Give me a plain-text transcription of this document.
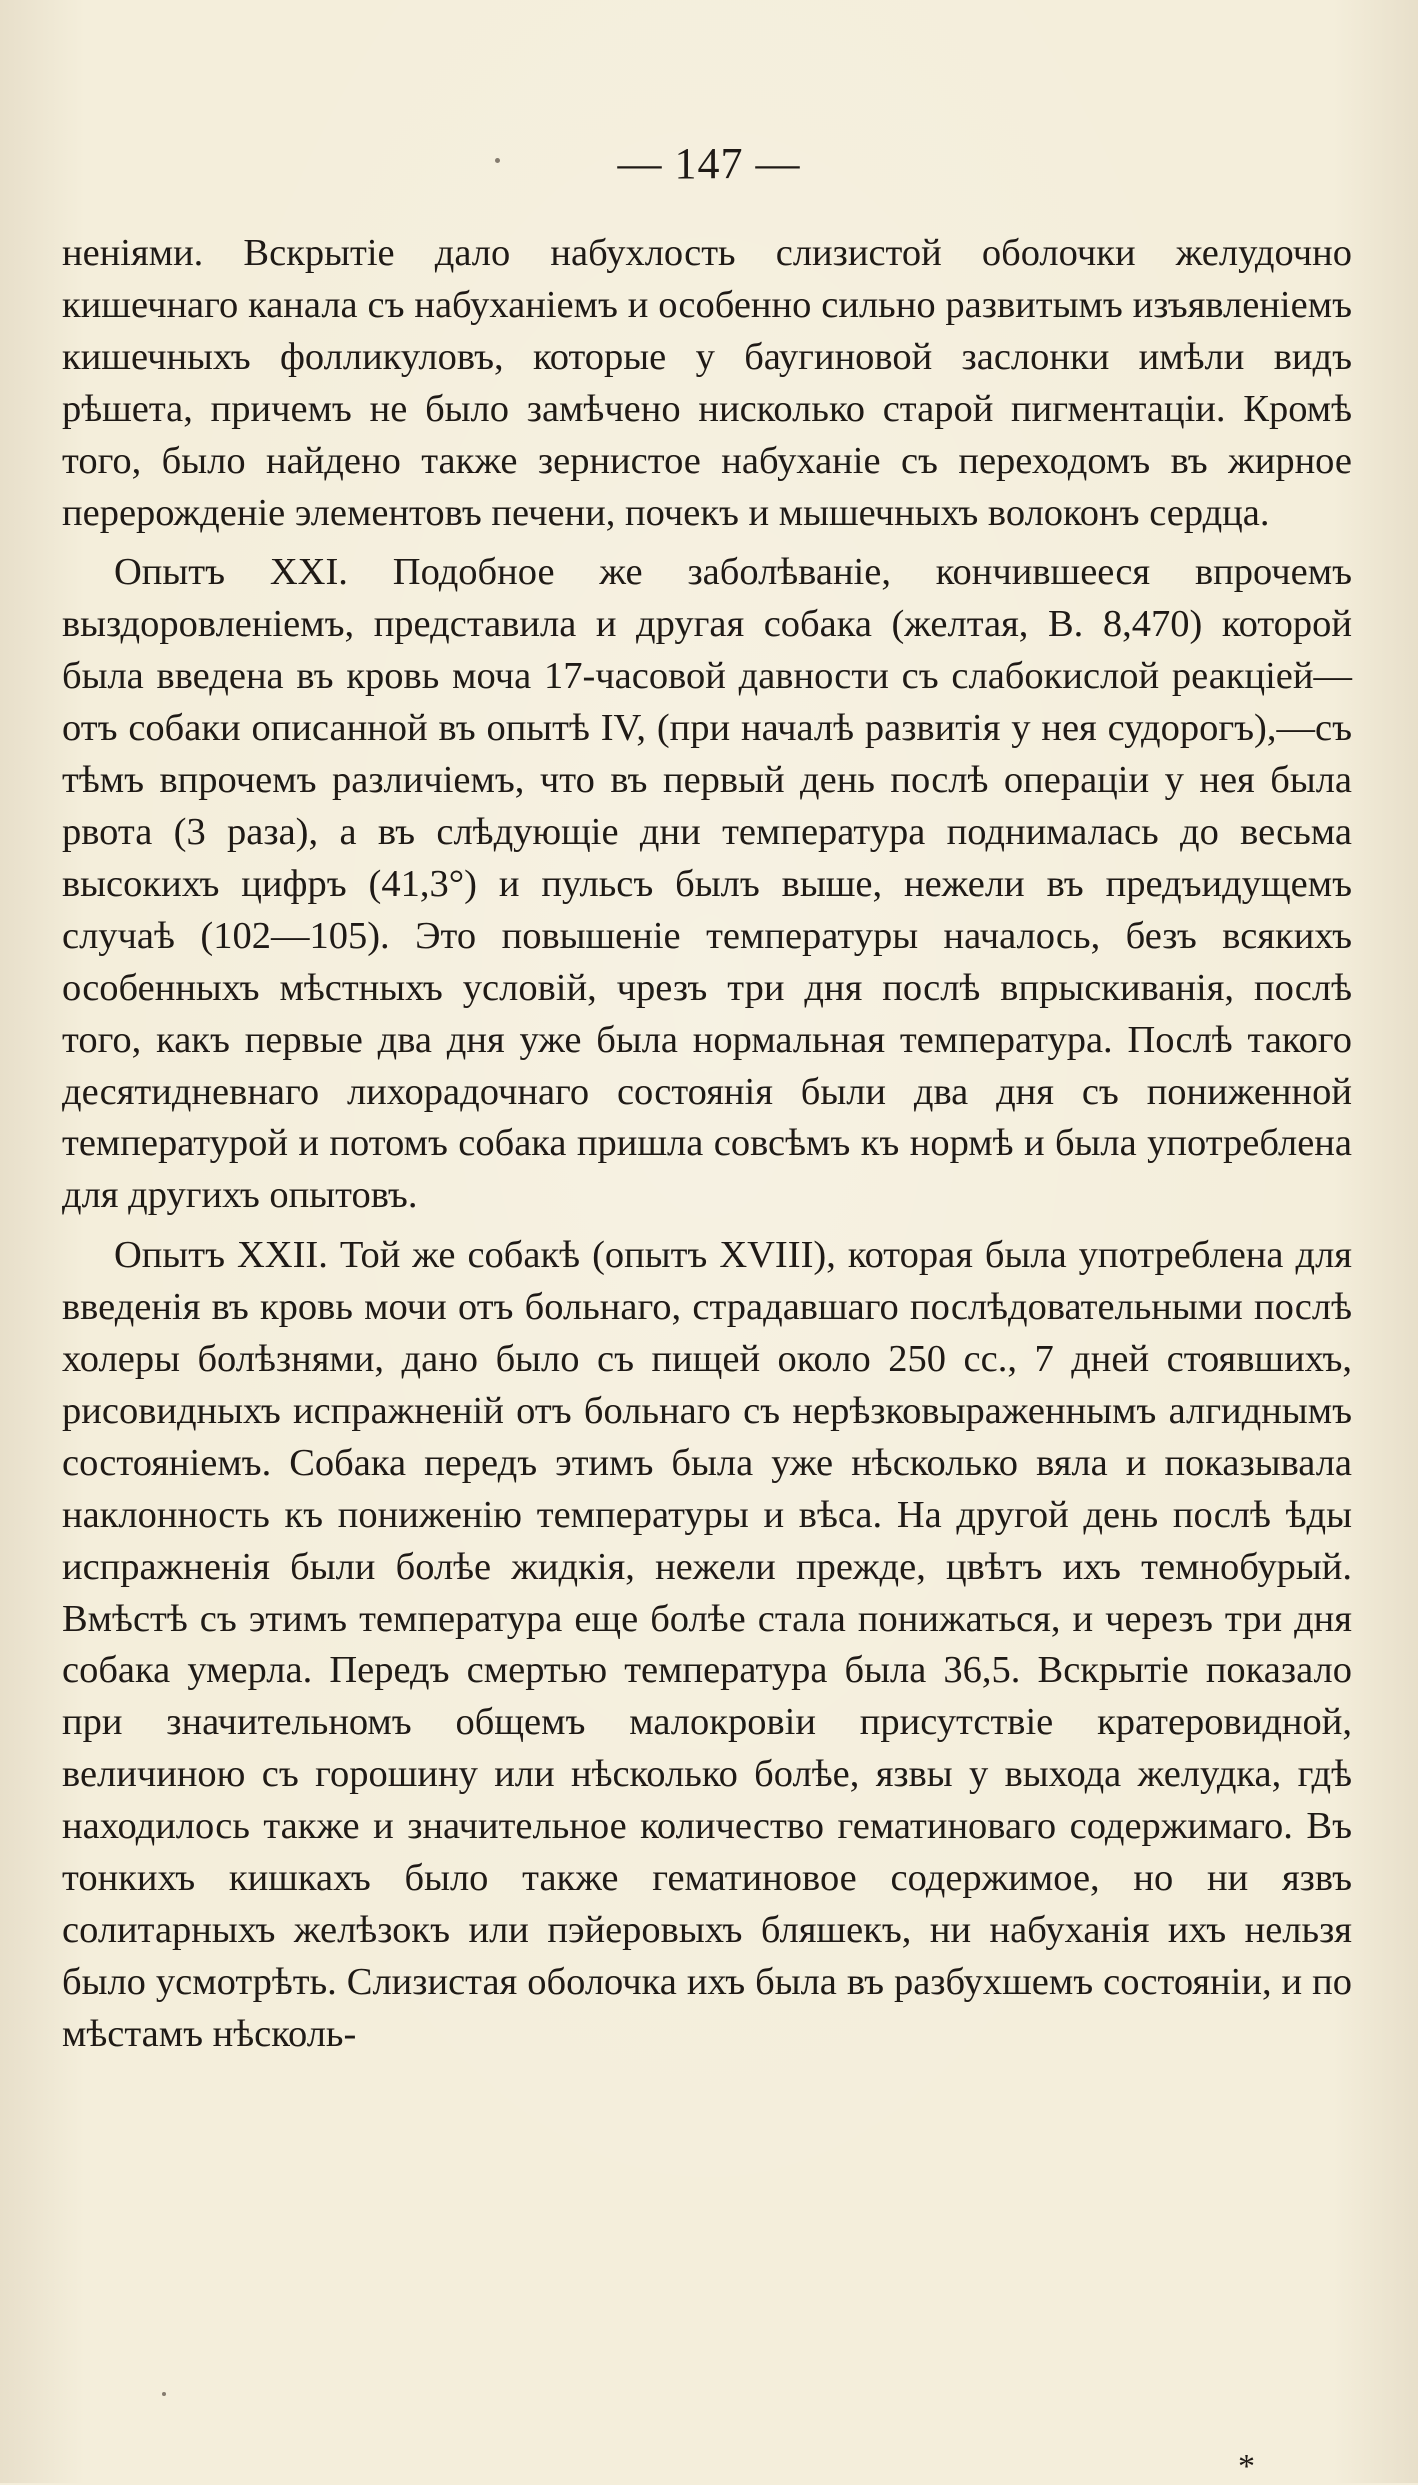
— 147 —

неніями. Вскрытіе дало набухлость слизистой оболочки желудочно кишечнаго канала съ набуханіемъ и особенно сильно развитымъ изъявленіемъ кишечныхъ фолликуловъ, которые у баугиновой заслонки имѣли видъ рѣшета, причемъ не было замѣчено нисколько старой пигментаціи. Кромѣ того, было найдено также зернистое набуханіе съ переходомъ въ жирное перерожденіе элементовъ печени, почекъ и мышечныхъ волоконъ сердца.

Опытъ XXI. Подобное же заболѣваніе, кончившееся впрочемъ выздоровленіемъ, представила и другая собака (желтая, В. 8,470) которой была введена въ кровь моча 17-часовой давности съ слабокислой реакціей—отъ собаки описанной въ опытѣ IV, (при началѣ развитія у нея судорогъ),—съ тѣмъ впрочемъ различіемъ, что въ первый день послѣ операціи у нея была рвота (3 раза), а въ слѣдующіе дни температура поднималась до весьма высокихъ цифръ (41,3°) и пульсъ былъ выше, нежели въ предъидущемъ случаѣ (102—105). Это повышеніе температуры началось, безъ всякихъ особенныхъ мѣстныхъ условій, чрезъ три дня послѣ впрыскиванія, послѣ того, какъ первые два дня уже была нормальная температура. Послѣ такого десятидневнаго лихорадочнаго состоянія были два дня съ пониженной температурой и потомъ собака пришла совсѣмъ къ нормѣ и была употреблена для другихъ опытовъ.

Опытъ XXII. Той же собакѣ (опытъ XVIII), которая была употреблена для введенія въ кровь мочи отъ больнаго, страдавшаго послѣдовательными послѣ холеры болѣзнями, дано было съ пищей около 250 сс., 7 дней стоявшихъ, рисовидныхъ испражненій отъ больнаго съ нерѣзковыраженнымъ алгиднымъ состояніемъ. Собака передъ этимъ была уже нѣсколько вяла и показывала наклонность къ пониженію температуры и вѣса. На другой день послѣ ѣды испражненія были болѣе жидкія, нежели прежде, цвѣтъ ихъ темнобурый. Вмѣстѣ съ этимъ температура еще болѣе стала понижаться, и черезъ три дня собака умерла. Передъ смертью температура была 36,5. Вскрытіе показало при значительномъ общемъ малокровіи присутствіе кратеровидной, величиною съ горошину или нѣсколько болѣе, язвы у выхода желудка, гдѣ находилось также и значительное количество гематиноваго содержимаго. Въ тонкихъ кишкахъ было также гематиновое содержимое, но ни язвъ солитарныхъ желѣзокъ или пэйеровыхъ бляшекъ, ни набуханія ихъ нельзя было усмотрѣть. Слизистая оболочка ихъ была въ разбухшемъ состояніи, и по мѣстамъ нѣсколь-

*
